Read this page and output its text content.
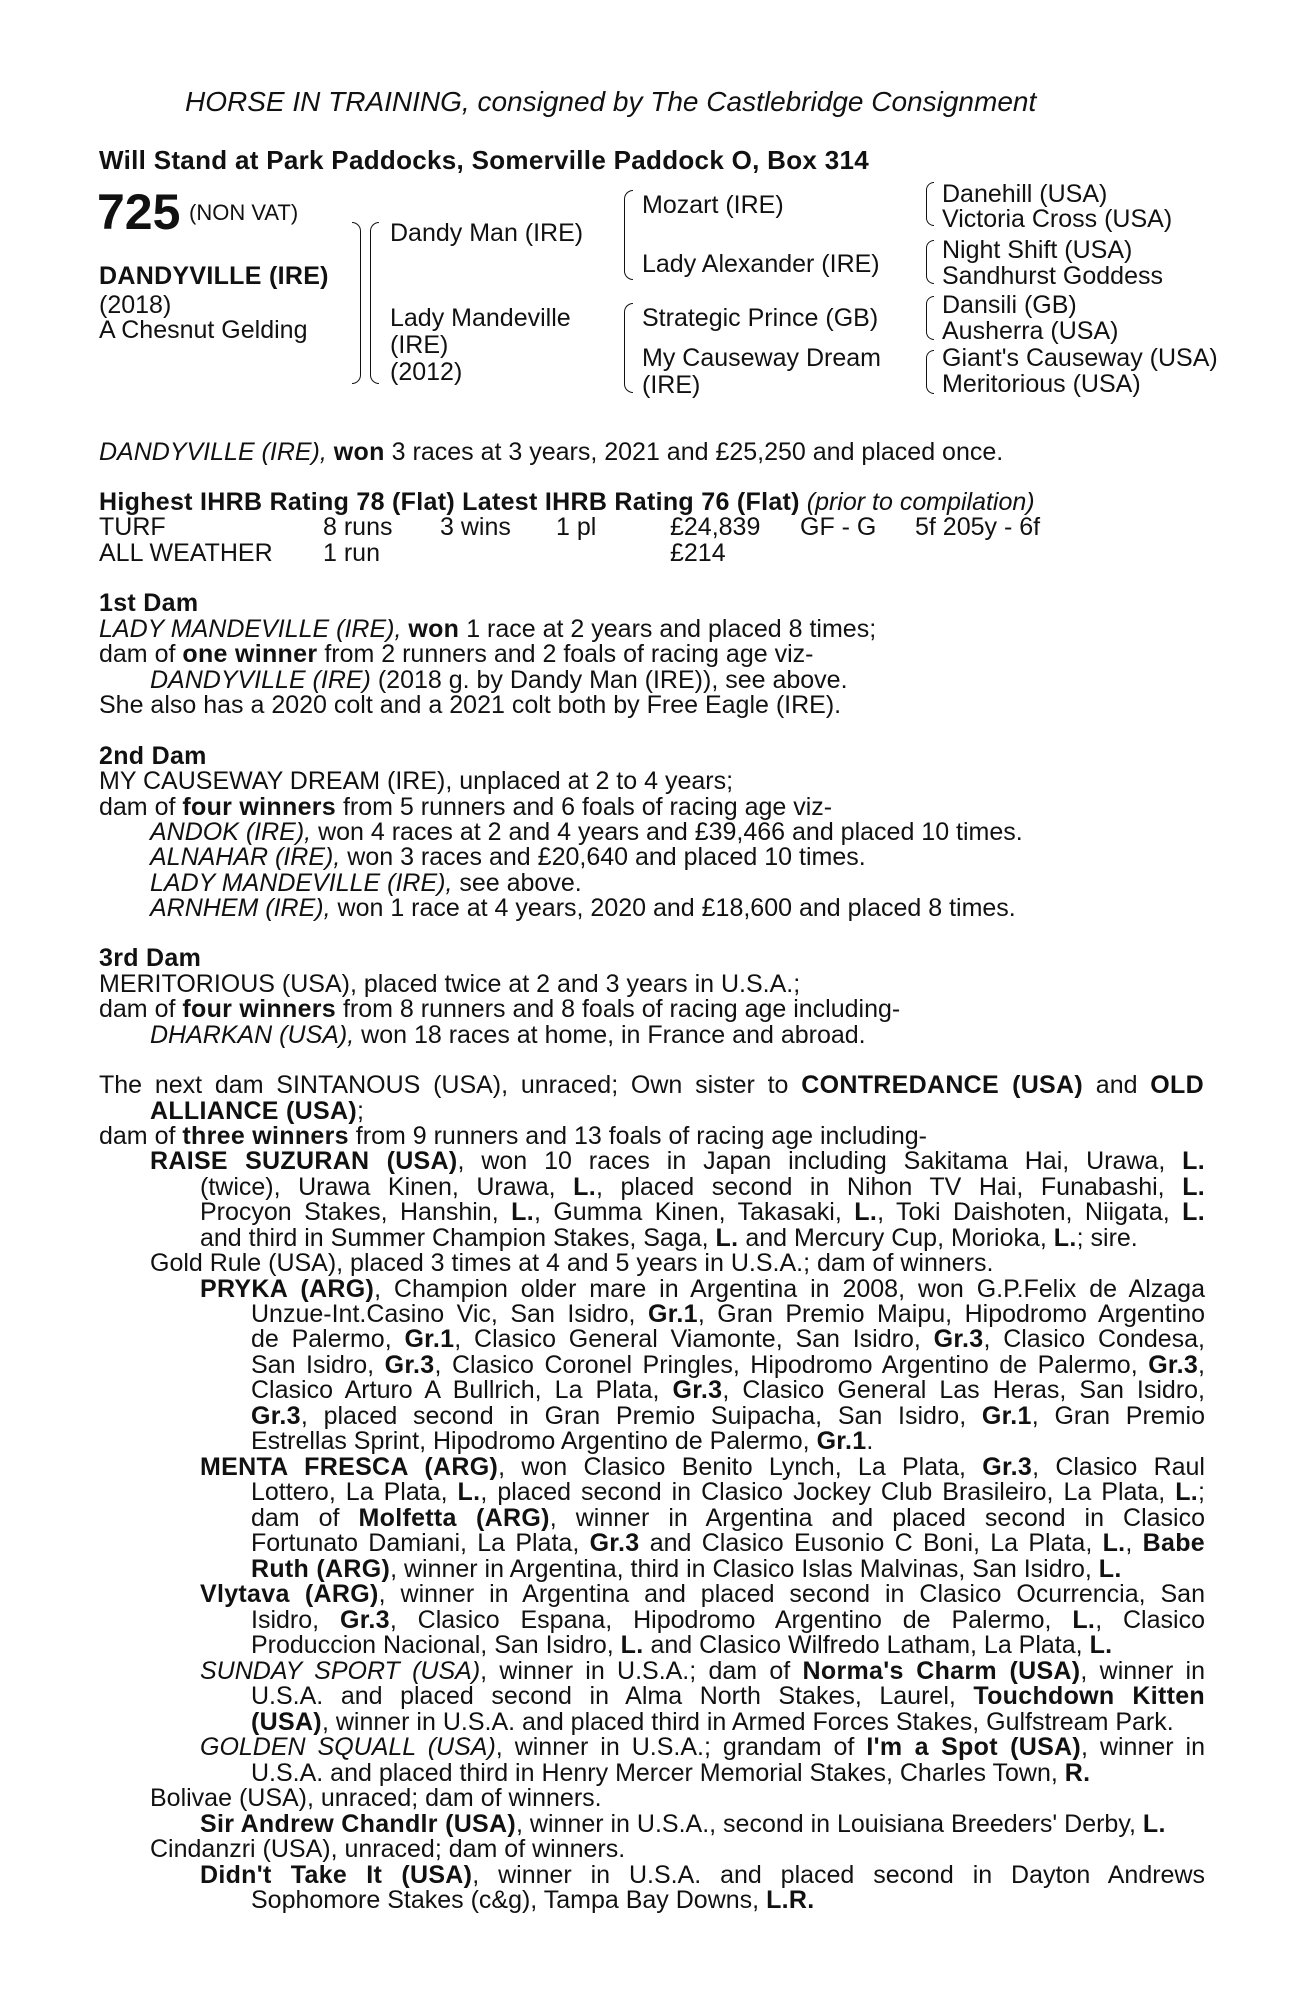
HORSE IN TRAINING, consigned by The Castlebridge Consignment
Will Stand at Park Paddocks, Somerville Paddock O, Box 314
725 (NON VAT)
DANDYVILLE (IRE)
(2018)
A Chesnut Gelding
Dandy Man (IRE)
Lady Mandeville
(IRE)
(2012)
Mozart (IRE)
Lady Alexander (IRE)
Strategic Prince (GB)
My Causeway Dream
(IRE)
Danehill (USA)
Victoria Cross (USA)
Night Shift (USA)
Sandhurst Goddess
Dansili (GB)
Ausherra (USA)
Giant's Causeway (USA)
Meritorious (USA)
DANDYVILLE (IRE), won 3 races at 3 years, 2021 and £25,250 and placed once.
Highest IHRB Rating 78 (Flat) Latest IHRB Rating 76 (Flat) (prior to compilation)
TURF	8 runs 3 wins 1 pl	£24,839 GF - G 5f 205y - 6f
ALL WEATHER 1 run	£214
1st Dam
LADY MANDEVILLE (IRE), won 1 race at 2 years and placed 8 times;
dam of one winner from 2 runners and 2 foals of racing age viz-
DANDYVILLE (IRE) (2018 g. by Dandy Man (IRE)), see above.
She also has a 2020 colt and a 2021 colt both by Free Eagle (IRE).
2nd Dam
MY CAUSEWAY DREAM (IRE), unplaced at 2 to 4 years;
dam of four winners from 5 runners and 6 foals of racing age viz-
ANDOK (IRE), won 4 races at 2 and 4 years and £39,466 and placed 10 times.
ALNAHAR (IRE), won 3 races and £20,640 and placed 10 times.
LADY MANDEVILLE (IRE), see above.
ARNHEM (IRE), won 1 race at 4 years, 2020 and £18,600 and placed 8 times.
3rd Dam
MERITORIOUS (USA), placed twice at 2 and 3 years in U.S.A.;
dam of four winners from 8 runners and 8 foals of racing age including-
DHARKAN (USA), won 18 races at home, in France and abroad.
The next dam SINTANOUS (USA), unraced; Own sister to CONTREDANCE (USA) and OLD
ALLIANCE (USA);
dam of three winners from 9 runners and 13 foals of racing age including-
RAISE SUZURAN (USA), won 10 races in Japan including Sakitama Hai, Urawa, L.
(twice), Urawa Kinen, Urawa, L., placed second in Nihon TV Hai, Funabashi, L.
Procyon Stakes, Hanshin, L., Gumma Kinen, Takasaki, L., Toki Daishoten, Niigata, L.
and third in Summer Champion Stakes, Saga, L. and Mercury Cup, Morioka, L.; sire.
Gold Rule (USA), placed 3 times at 4 and 5 years in U.S.A.; dam of winners.
PRYKA (ARG), Champion older mare in Argentina in 2008, won G.P.Felix de Alzaga
Unzue-Int.Casino Vic, San Isidro, Gr.1, Gran Premio Maipu, Hipodromo Argentino
de Palermo, Gr.1, Clasico General Viamonte, San Isidro, Gr.3, Clasico Condesa,
San Isidro, Gr.3, Clasico Coronel Pringles, Hipodromo Argentino de Palermo, Gr.3,
Clasico Arturo A Bullrich, La Plata, Gr.3, Clasico General Las Heras, San Isidro,
Gr.3, placed second in Gran Premio Suipacha, San Isidro, Gr.1, Gran Premio
Estrellas Sprint, Hipodromo Argentino de Palermo, Gr.1.
MENTA FRESCA (ARG), won Clasico Benito Lynch, La Plata, Gr.3, Clasico Raul
Lottero, La Plata, L., placed second in Clasico Jockey Club Brasileiro, La Plata, L.;
dam of Molfetta (ARG), winner in Argentina and placed second in Clasico
Fortunato Damiani, La Plata, Gr.3 and Clasico Eusonio C Boni, La Plata, L., Babe
Ruth (ARG), winner in Argentina, third in Clasico Islas Malvinas, San Isidro, L.
Vlytava (ARG), winner in Argentina and placed second in Clasico Ocurrencia, San
Isidro, Gr.3, Clasico Espana, Hipodromo Argentino de Palermo, L., Clasico
Produccion Nacional, San Isidro, L. and Clasico Wilfredo Latham, La Plata, L.
SUNDAY SPORT (USA), winner in U.S.A.; dam of Norma's Charm (USA), winner in
U.S.A. and placed second in Alma North Stakes, Laurel, Touchdown Kitten
(USA), winner in U.S.A. and placed third in Armed Forces Stakes, Gulfstream Park.
GOLDEN SQUALL (USA), winner in U.S.A.; grandam of I'm a Spot (USA), winner in
U.S.A. and placed third in Henry Mercer Memorial Stakes, Charles Town, R.
Bolivae (USA), unraced; dam of winners.
Sir Andrew Chandlr (USA), winner in U.S.A., second in Louisiana Breeders' Derby, L.
Cindanzri (USA), unraced; dam of winners.
Didn't Take It (USA), winner in U.S.A. and placed second in Dayton Andrews
Sophomore Stakes (c&g), Tampa Bay Downs, L.R.
